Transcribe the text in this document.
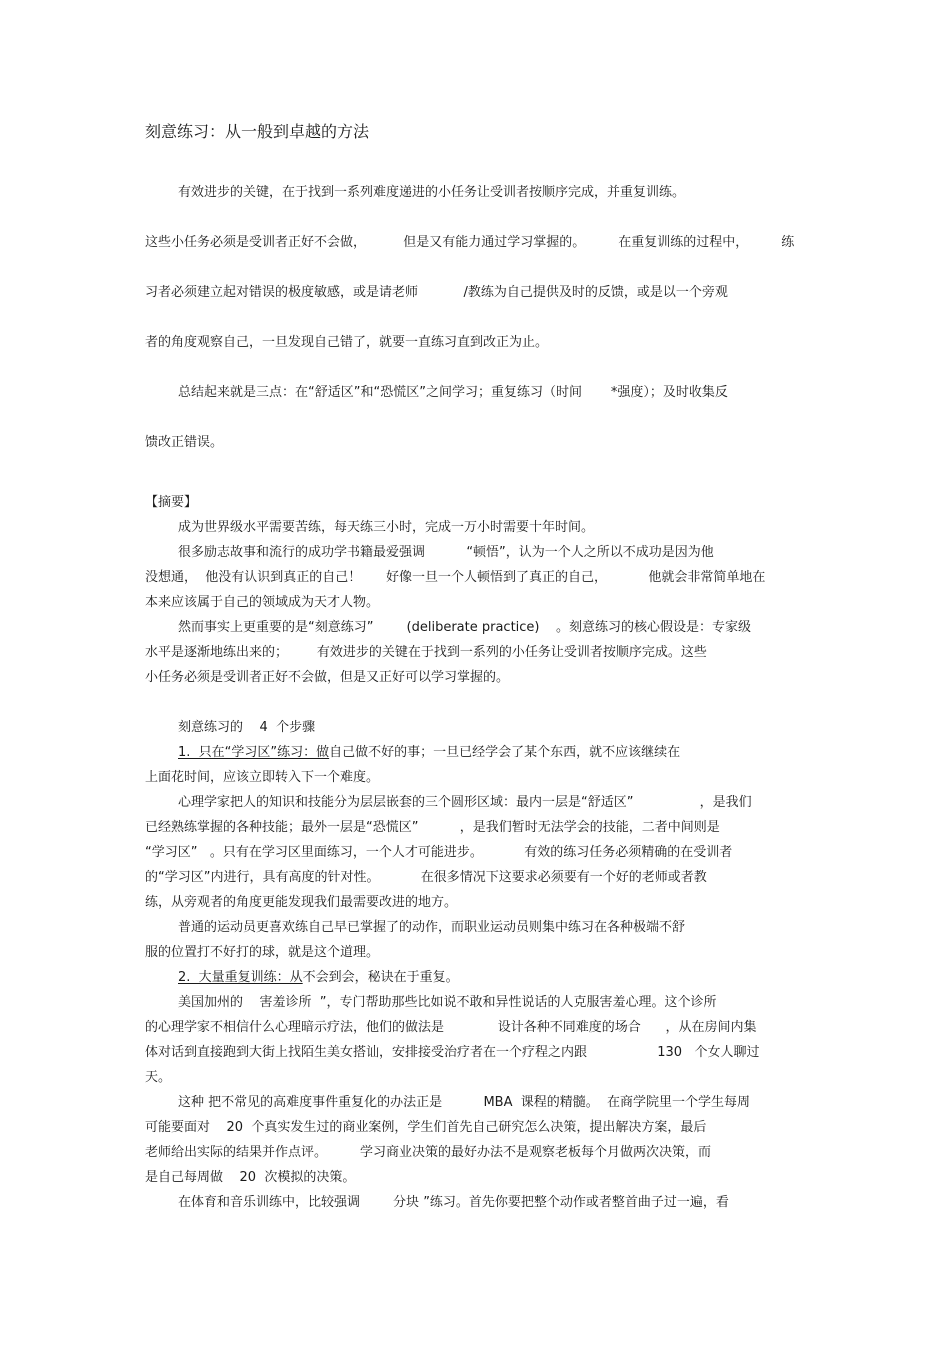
刻意练习：从一般到卓越的方法
有效进步的关键，在于找到一系列难度递进的小任务让受训者按顺序完成，并重复训练。
这些小任务必须是受训者正好不会做，         但是又有能力通过学习掌握的。        在重复训练的过程中，        练
习者必须建立起对错误的极度敏感，或是请老师           /教练为自己提供及时的反馈，或是以一个旁观
者的角度观察自己，一旦发现自己错了，就要一直练习直到改正为止。
总结起来就是三点：在“舒适区”和“恐慌区”之间学习；重复练习（时间       *强度）；及时收集反
馈改正错误。
【摘要】
成为世界级水平需要苦练，每天练三小时，完成一万小时需要十年时间。
很多励志故事和流行的成功学书籍最爱强调          “顿悟”，认为一个人之所以不成功是因为他
没想通，  他没有认识到真正的自己！      好像一旦一个人顿悟到了真正的自己，          他就会非常简单地在
本来应该属于自己的领域成为天才人物。
然而事实上更重要的是“刻意练习”        (deliberate practice)    。刻意练习的核心假设是：专家级
水平是逐渐地练出来的；       有效进步的关键在于找到一系列的小任务让受训者按顺序完成。这些
小任务必须是受训者正好不会做，但是又正好可以学习掌握的。
刻意练习的    4  个步骤
1.  只在“学习区”练习：做自己做不好的事；一旦已经学会了某个东西，就不应该继续在
上面花时间，应该立即转入下一个难度。
心理学家把人的知识和技能分为层层嵌套的三个圆形区域：最内一层是“舒适区”                ，是我们
已经熟练掌握的各种技能；最外一层是“恐慌区”          ，是我们暂时无法学会的技能，二者中间则是
“学习区”   。只有在学习区里面练习，一个人才可能进步。          有效的练习任务必须精确的在受训者
的“学习区”内进行，具有高度的针对性。          在很多情况下这要求必须要有一个好的老师或者教
练，从旁观者的角度更能发现我们最需要改进的地方。
普通的运动员更喜欢练自己早已掌握了的动作，而职业运动员则集中练习在各种极端不舒
服的位置打不好打的球，就是这个道理。
2.  大量重复训练：从不会到会，秘诀在于重复。
美国加州的    害羞诊所  ”，专门帮助那些比如说不敢和异性说话的人克服害羞心理。这个诊所
的心理学家不相信什么心理暗示疗法，他们的做法是             设计各种不同难度的场合      ，从在房间内集
体对话到直接跑到大街上找陌生美女搭讪，安排接受治疗者在一个疗程之内跟                 130   个女人聊过
天。
这种 把不常见的高难度事件重复化的办法正是          MBA  课程的精髓。  在商学院里一个学生每周
可能要面对    20  个真实发生过的商业案例，学生们首先自己研究怎么决策，提出解决方案，最后
老师给出实际的结果并作点评。        学习商业决策的最好办法不是观察老板每个月做两次决策，而
是自己每周做    20  次模拟的决策。
在体育和音乐训练中，比较强调        分块 ”练习。首先你要把整个动作或者整首曲子过一遍，看
